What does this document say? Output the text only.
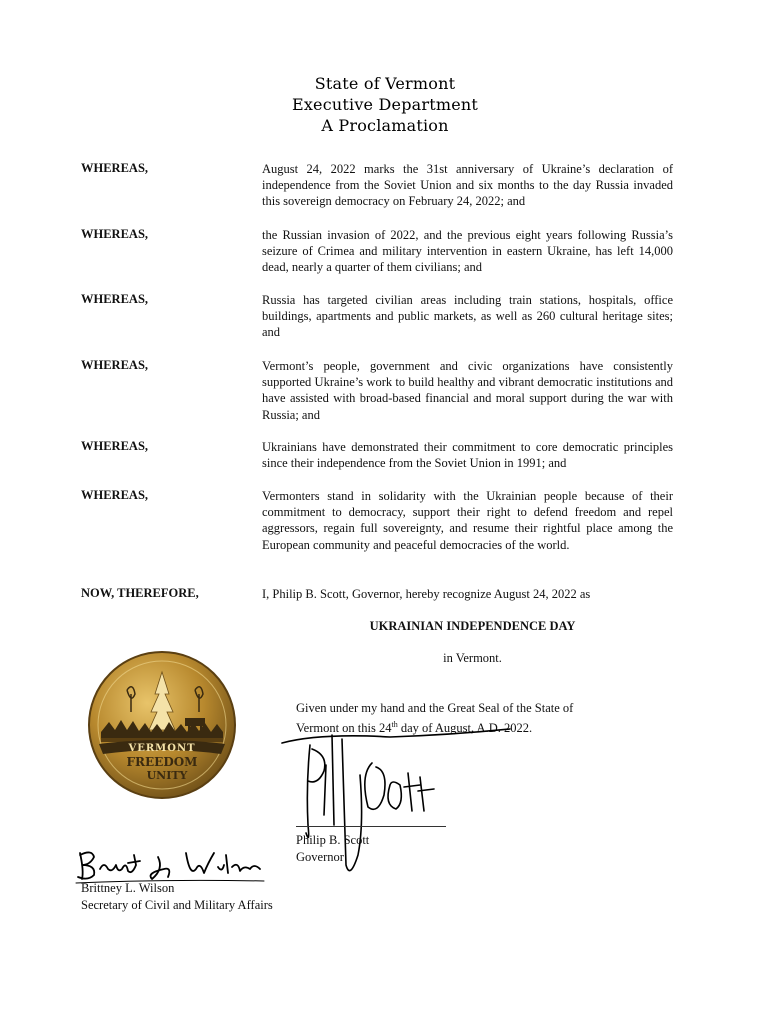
State of Vermont
Executive Department
A Proclamation
WHEREAS,	August 24, 2022 marks the 31st anniversary of Ukraine’s declaration of independence from the Soviet Union and six months to the day Russia invaded this sovereign democracy on February 24, 2022; and
WHEREAS,	the Russian invasion of 2022, and the previous eight years following Russia’s seizure of Crimea and military intervention in eastern Ukraine, has left 14,000 dead, nearly a quarter of them civilians; and
WHEREAS,	Russia has targeted civilian areas including train stations, hospitals, office buildings, apartments and public markets, as well as 260 cultural heritage sites; and
WHEREAS,	Vermont’s people, government and civic organizations have consistently supported Ukraine’s work to build healthy and vibrant democratic institutions and have assisted with broad-based financial and moral support during the war with Russia; and
WHEREAS,	Ukrainians have demonstrated their commitment to core democratic principles since their independence from the Soviet Union in 1991; and
WHEREAS,	Vermonters stand in solidarity with the Ukrainian people because of their commitment to democracy, support their right to defend freedom and repel aggressors, regain full sovereignty, and resume their rightful place among the European community and peaceful democracies of the world.
NOW, THEREFORE,	I, Philip B. Scott, Governor, hereby recognize August 24, 2022 as
UKRAINIAN INDEPENDENCE DAY
in Vermont.
VERMONT
FREEDOM
UNITY
Given under my hand and the Great Seal of the State of
Vermont on this 24th day of August, A.D. 2022.
Philip B. Scott
Governor
Brittney L. Wilson
Secretary of Civil and Military Affairs
